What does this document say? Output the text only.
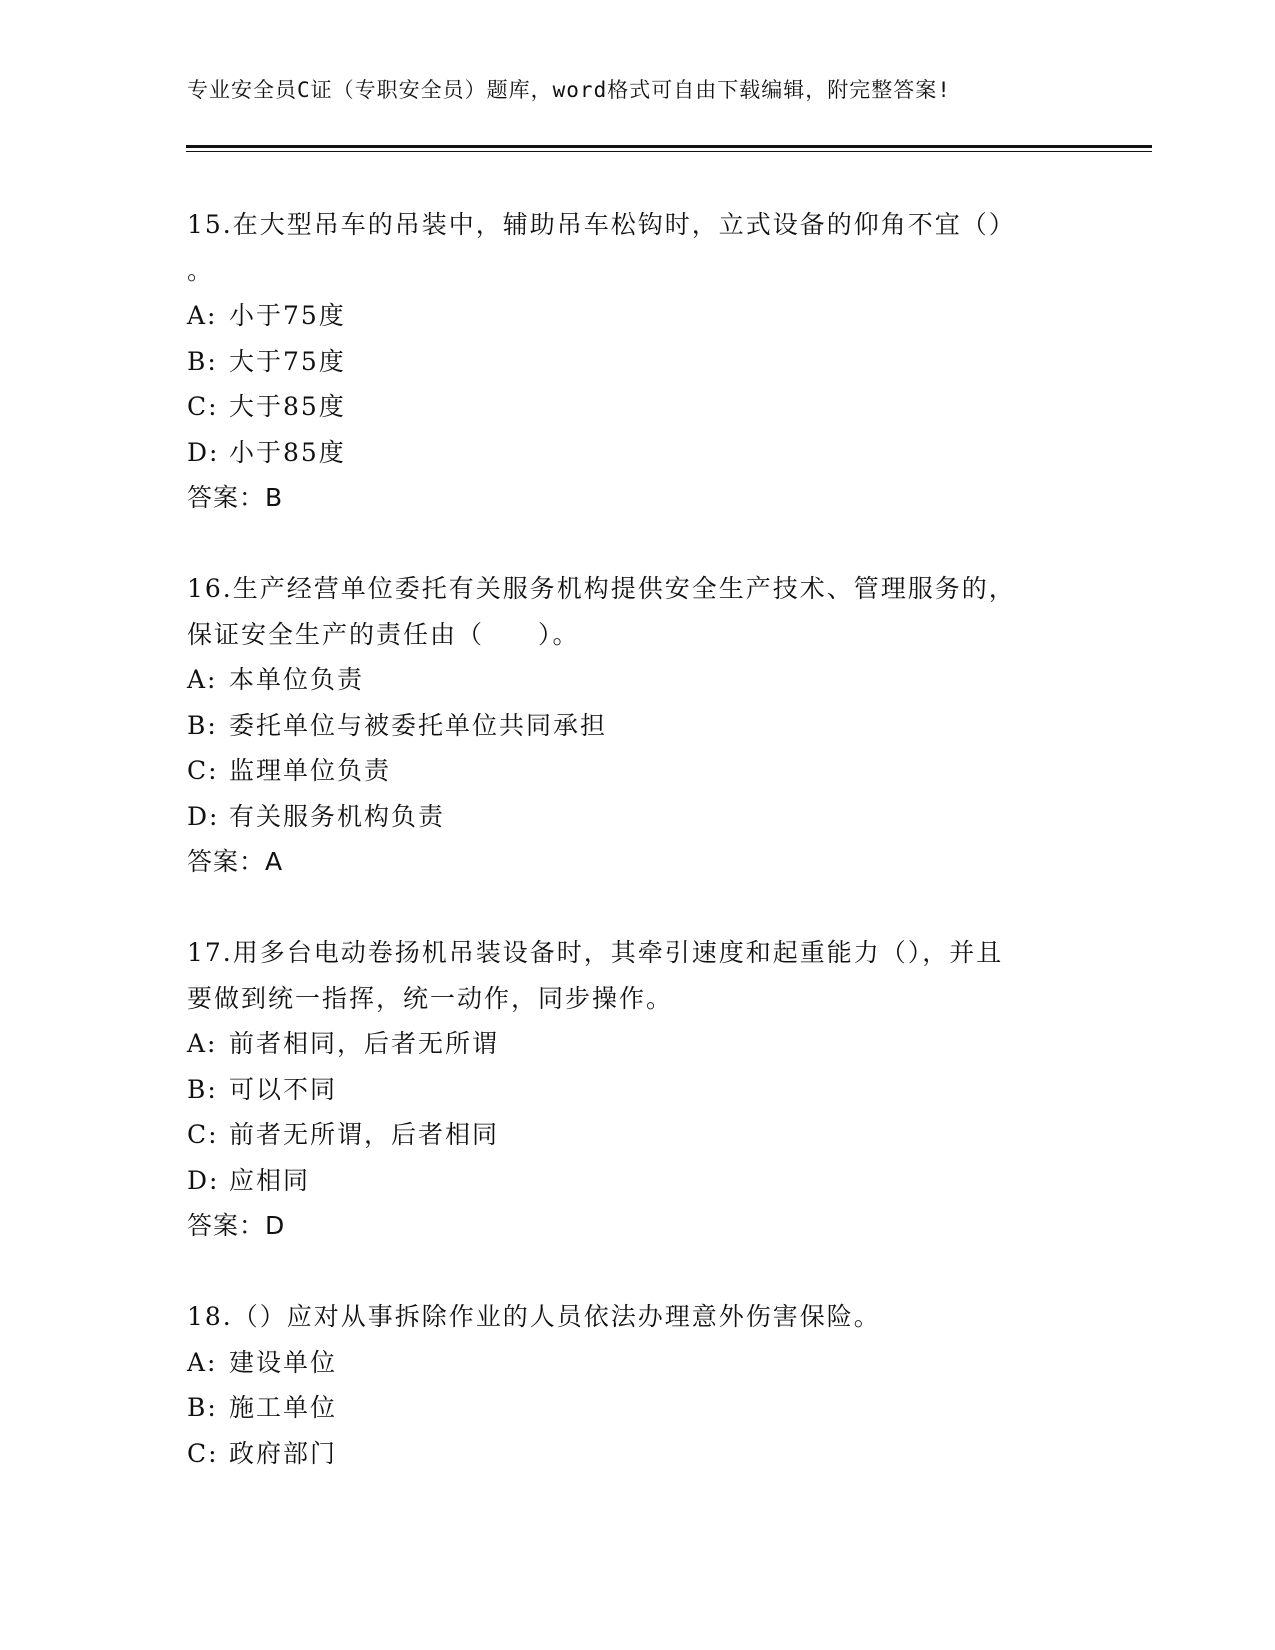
专业安全员C证（专职安全员）题库，word格式可自由下载编辑，附完整答案!
15.在大型吊车的吊装中，辅助吊车松钩时，立式设备的仰角不宜（）
。
A: 小于75度
B: 大于75度
C: 大于85度
D: 小于85度
答案：B
16.生产经营单位委托有关服务机构提供安全生产技术、管理服务的，
保证安全生产的责任由（　　）。
A: 本单位负责
B: 委托单位与被委托单位共同承担
C: 监理单位负责
D: 有关服务机构负责
答案：A
17.用多台电动卷扬机吊装设备时，其牵引速度和起重能力（），并且
要做到统一指挥，统一动作，同步操作。
A: 前者相同，后者无所谓
B: 可以不同
C: 前者无所谓，后者相同
D: 应相同
答案：D
18.（）应对从事拆除作业的人员依法办理意外伤害保险。
A: 建设单位
B: 施工单位
C: 政府部门
